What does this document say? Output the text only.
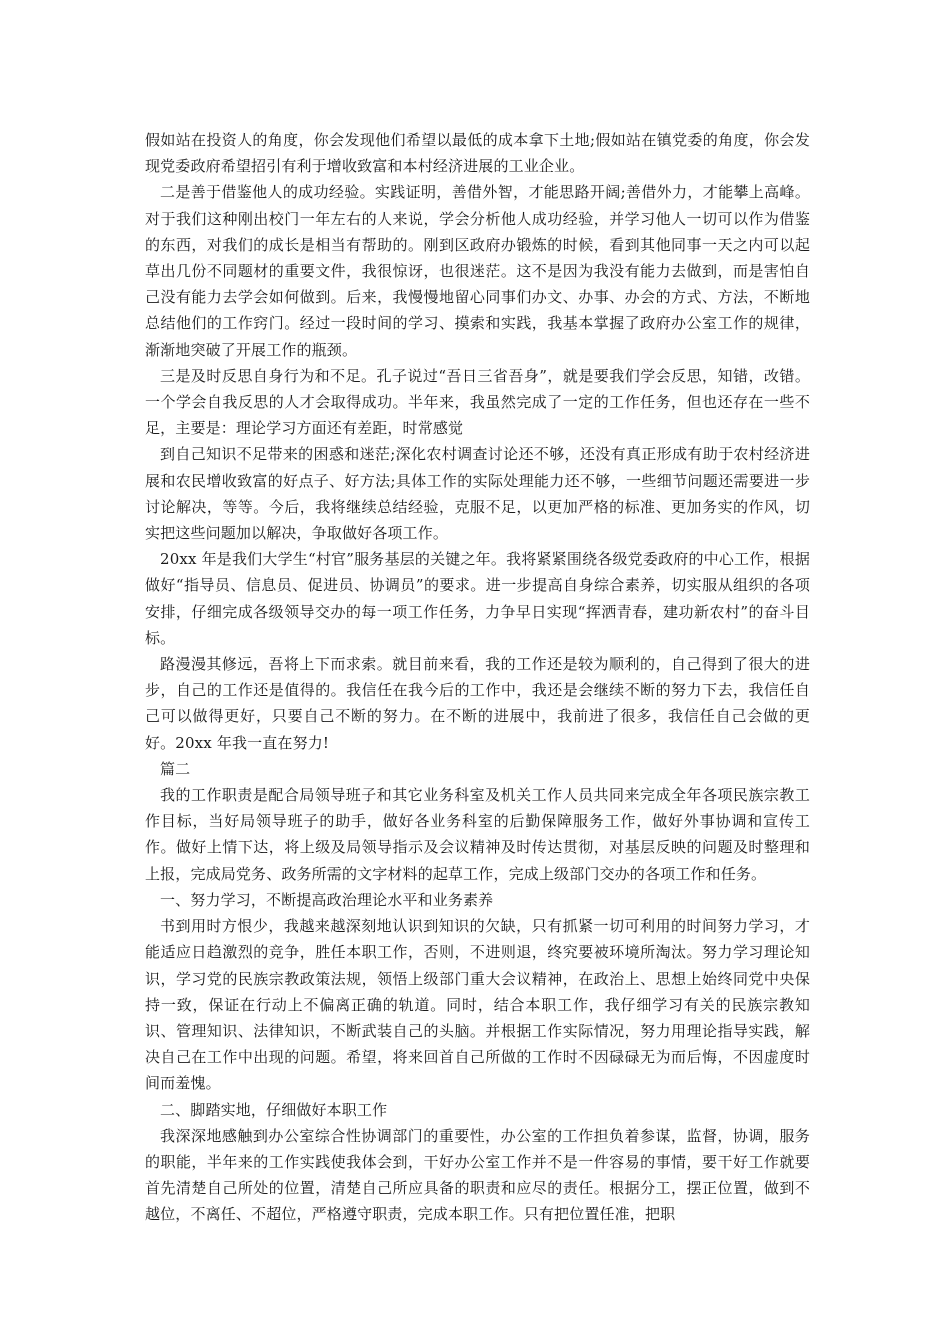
假如站在投资人的角度，你会发现他们希望以最低的成本拿下土地;假如站在镇党委的角度，你会发现党委政府希望招引有利于增收致富和本村经济进展的工业企业。

二是善于借鉴他人的成功经验。实践证明，善借外智，才能思路开阔;善借外力，才能攀上高峰。对于我们这种刚出校门一年左右的人来说，学会分析他人成功经验，并学习他人一切可以作为借鉴的东西，对我们的成长是相当有帮助的。刚到区政府办锻炼的时候，看到其他同事一天之内可以起草出几份不同题材的重要文件，我很惊讶，也很迷茫。这不是因为我没有能力去做到，而是害怕自己没有能力去学会如何做到。后来，我慢慢地留心同事们办文、办事、办会的方式、方法，不断地总结他们的工作窍门。经过一段时间的学习、摸索和实践，我基本掌握了政府办公室工作的规律，渐渐地突破了开展工作的瓶颈。

三是及时反思自身行为和不足。孔子说过“吾日三省吾身”，就是要我们学会反思，知错，改错。一个学会自我反思的人才会取得成功。半年来，我虽然完成了一定的工作任务，但也还存在一些不足，主要是：理论学习方面还有差距，时常感觉

到自己知识不足带来的困惑和迷茫;深化农村调查讨论还不够，还没有真正形成有助于农村经济进展和农民增收致富的好点子、好方法;具体工作的实际处理能力还不够，一些细节问题还需要进一步讨论解决，等等。今后，我将继续总结经验，克服不足，以更加严格的标准、更加务实的作风，切实把这些问题加以解决，争取做好各项工作。

20xx 年是我们大学生“村官”服务基层的关键之年。我将紧紧围绕各级党委政府的中心工作，根据做好“指导员、信息员、促进员、协调员”的要求。进一步提高自身综合素养，切实服从组织的各项安排，仔细完成各级领导交办的每一项工作任务，力争早日实现“挥洒青春，建功新农村”的奋斗目标。

路漫漫其修远，吾将上下而求索。就目前来看，我的工作还是较为顺利的，自己得到了很大的进步，自己的工作还是值得的。我信任在我今后的工作中，我还是会继续不断的努力下去，我信任自己可以做得更好，只要自己不断的努力。在不断的进展中，我前进了很多，我信任自己会做的更好。20xx 年我一直在努力!

篇二

我的工作职责是配合局领导班子和其它业务科室及机关工作人员共同来完成全年各项民族宗教工作目标，当好局领导班子的助手，做好各业务科室的后勤保障服务工作，做好外事协调和宣传工作。做好上情下达，将上级及局领导指示及会议精神及时传达贯彻，对基层反映的问题及时整理和上报，完成局党务、政务所需的文字材料的起草工作，完成上级部门交办的各项工作和任务。

一、努力学习，不断提高政治理论水平和业务素养

书到用时方恨少，我越来越深刻地认识到知识的欠缺，只有抓紧一切可利用的时间努力学习，才能适应日趋激烈的竞争，胜任本职工作，否则，不进则退，终究要被环境所淘汰。努力学习理论知识，学习党的民族宗教政策法规，领悟上级部门重大会议精神，在政治上、思想上始终同党中央保持一致，保证在行动上不偏离正确的轨道。同时，结合本职工作，我仔细学习有关的民族宗教知识、管理知识、法律知识，不断武装自己的头脑。并根据工作实际情况，努力用理论指导实践，解决自己在工作中出现的问题。希望，将来回首自己所做的工作时不因碌碌无为而后悔，不因虚度时间而羞愧。

二、脚踏实地，仔细做好本职工作

我深深地感触到办公室综合性协调部门的重要性，办公室的工作担负着参谋，监督，协调，服务的职能，半年来的工作实践使我体会到，干好办公室工作并不是一件容易的事情，要干好工作就要首先清楚自己所处的位置，清楚自己所应具备的职责和应尽的责任。根据分工，摆正位置，做到不越位，不离任、不超位，严格遵守职责，完成本职工作。只有把位置任准，把职
